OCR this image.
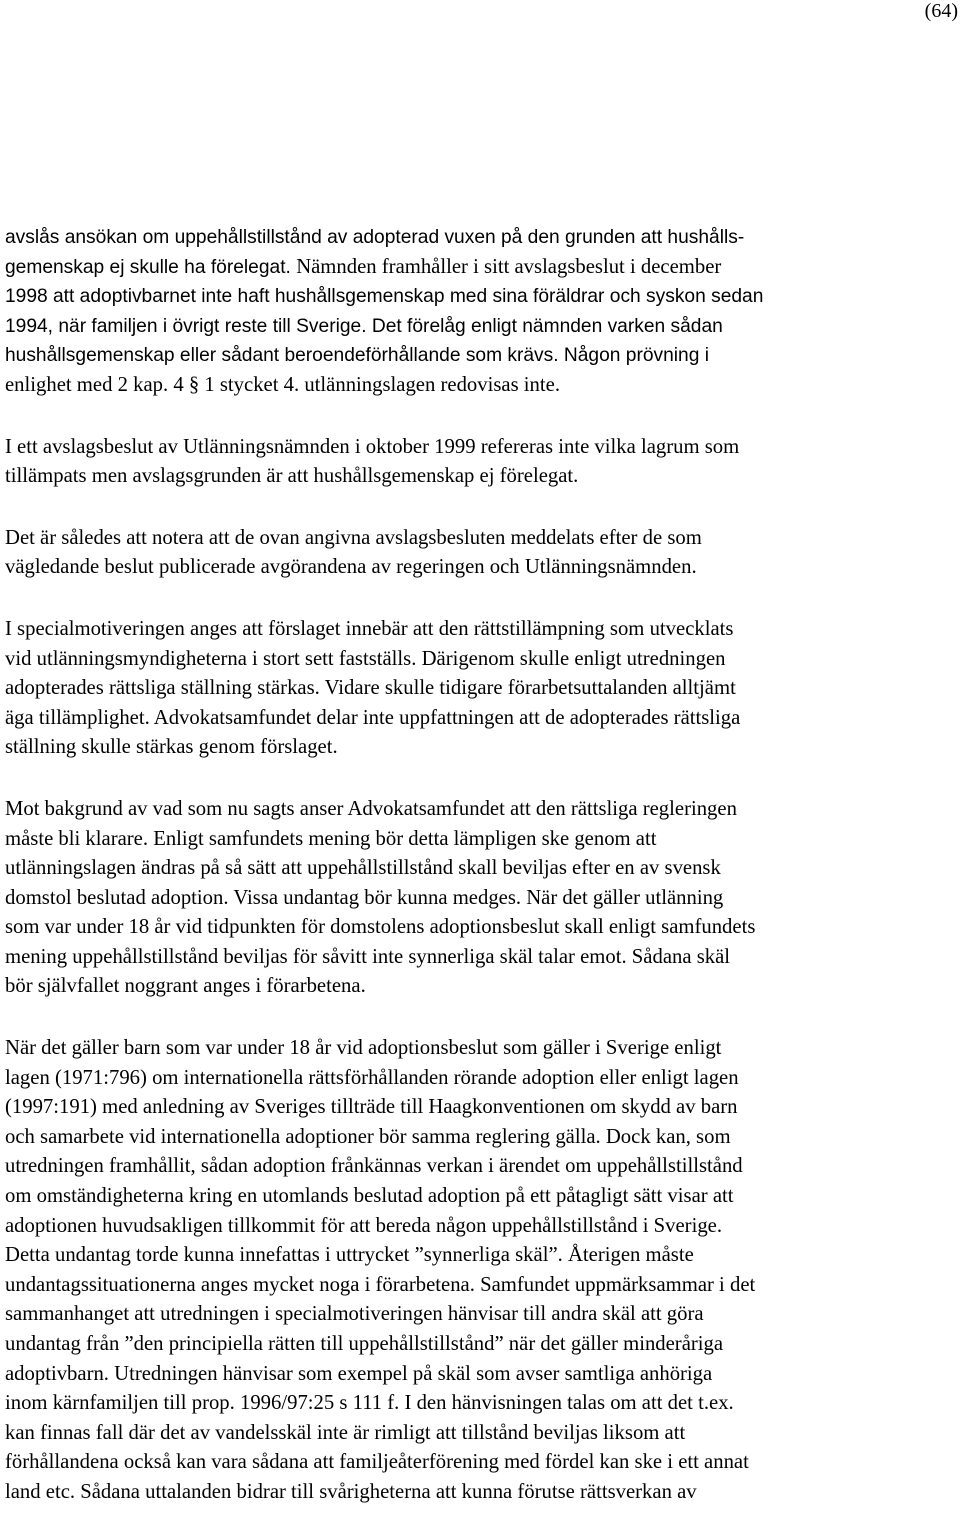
(64)

avslås ansökan om uppehållstillstånd av adopterad vuxen på den grunden att hushålls-
gemenskap ej skulle ha förelegat. Nämnden framhåller i sitt avslagsbeslut i december
1998 att adoptivbarnet inte haft hushållsgemenskap med sina föräldrar och syskon sedan
1994, när familjen i övrigt reste till Sverige. Det förelåg enligt nämnden varken sådan
hushållsgemenskap eller sådant beroendeförhållande som krävs. Någon prövning i
enlighet med 2 kap. 4 § 1 stycket 4. utlänningslagen redovisas inte.

I ett avslagsbeslut av Utlänningsnämnden i oktober 1999 refereras inte vilka lagrum som
tillämpats men avslagsgrunden är att hushållsgemenskap ej förelegat.

Det är således att notera att de ovan angivna avslagsbesluten meddelats efter de som
vägledande beslut publicerade avgörandena av regeringen och Utlänningsnämnden.

I specialmotiveringen anges att förslaget innebär att den rättstillämpning som utvecklats
vid utlänningsmyndigheterna i stort sett fastställs. Därigenom skulle enligt utredningen
adopterades rättsliga ställning stärkas. Vidare skulle tidigare förarbetsuttalanden alltjämt
äga tillämplighet. Advokatsamfundet delar inte uppfattningen att de adopterades rättsliga
ställning skulle stärkas genom förslaget.

Mot bakgrund av vad som nu sagts anser Advokatsamfundet att den rättsliga regleringen
måste bli klarare. Enligt samfundets mening bör detta lämpligen ske genom att
utlänningslagen ändras på så sätt att uppehållstillstånd skall beviljas efter en av svensk
domstol beslutad adoption. Vissa undantag bör kunna medges. När det gäller utlänning
som var under 18 år vid tidpunkten för domstolens adoptionsbeslut skall enligt samfundets
mening uppehållstillstånd beviljas för såvitt inte synnerliga skäl talar emot. Sådana skäl
bör självfallet noggrant anges i förarbetena.

När det gäller barn som var under 18 år vid adoptionsbeslut som gäller i Sverige enligt
lagen (1971:796) om internationella rättsförhållanden rörande adoption eller enligt lagen
(1997:191) med anledning av Sveriges tillträde till Haagkonventionen om skydd av barn
och samarbete vid internationella adoptioner bör samma reglering gälla. Dock kan, som
utredningen framhållit, sådan adoption frånkännas verkan i ärendet om uppehållstillstånd
om omständigheterna kring en utomlands beslutad adoption på ett påtagligt sätt visar att
adoptionen huvudsakligen tillkommit för att bereda någon uppehållstillstånd i Sverige.
Detta undantag torde kunna innefattas i uttrycket ”synnerliga skäl”. Återigen måste
undantagssituationerna anges mycket noga i förarbetena. Samfundet uppmärksammar i det
sammanhanget att utredningen i specialmotiveringen hänvisar till andra skäl att göra
undantag från ”den principiella rätten till uppehållstillstånd” när det gäller minderåriga
adoptivbarn. Utredningen hänvisar som exempel på skäl som avser samtliga anhöriga
inom kärnfamiljen till prop. 1996/97:25 s 111 f. I den hänvisningen talas om att det t.ex.
kan finnas fall där det av vandelsskäl inte är rimligt att tillstånd beviljas liksom att
förhållandena också kan vara sådana att familjeåterförening med fördel kan ske i ett annat
land etc. Sådana uttalanden bidrar till svårigheterna att kunna förutse rättsverkan av
